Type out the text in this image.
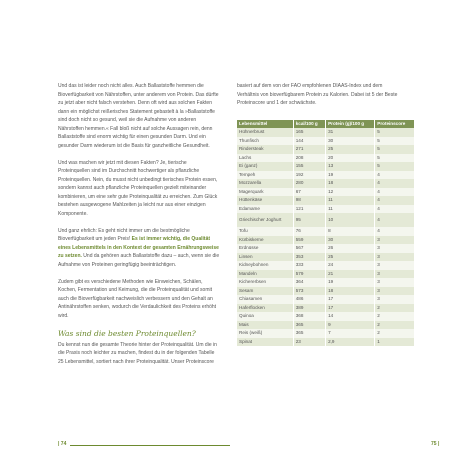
Und das ist leider noch nicht alles. Auch Ballaststoffe hemmen die Bioverfügbarkeit von Nährstoffen, unter anderem von Protein. Das dürfte zu jetzt aber nicht falsch verstehen. Denn oft wird aus solchen Fakten dann ein möglichst reißerisches Statement gebastelt à la »Ballaststoffe sind doch nicht so gesund, weil sie die Aufnahme von anderen Nährstoffen hemmen.« Fall bloß nicht auf solche Aussagen rein, denn Ballaststoffe sind enorm wichtig für einen gesunden Darm. Und ein gesunder Darm wiederum ist die Basis für ganzheitliche Gesundheit.

Und was machen wir jetzt mit diesen Fakten? Je, tierische Proteinquellen sind im Durchschnitt hochwertiger als pflanzliche Proteinquellen. Nein, du musst nicht unbedingt tierisches Protein essen, sondern kannst auch pflanzliche Proteinquellen gezielt miteinander kombinieren, um eine sehr gute Proteinqualität zu erreichen. Zum Glück bestehen ausgewogene Mahlzeiten ja leicht nur aus einer einzigen Komponente.

Und ganz ehrlich: Es geht nicht immer um die bestmögliche Bioverfügbarkeit um jeden Preis! Es ist immer wichtig, die Qualität eines Lebensmittels in den Kontext der gesamten Ernährungsweise zu setzen. Und da gehören auch Ballaststoffe dazu – auch, wenn sie die Aufnahme von Proteinen geringfügig beeinträchtigen.

Zudem gibt es verschiedene Methoden wie Einweichen, Schälen, Kochen, Fermentation und Keimung, die die Proteinqualität und somit auch die Bioverfügbarkeit nachweislich verbessern und den Gehalt an Antinährstoffen senken, wodurch die Verdaulichkeit des Proteins erhöht wird.

Was sind die besten Proteinquellen?

Du kennst nun die gesamte Theorie hinter der Proteinqualität. Um die in die Praxis noch leichter zu machen, findest du in der folgenden Tabelle 25 Lebensmittel, sortiert nach ihrer Proteinqualität. Unser Proteinscore

| 74

basiert auf dem von der FAO empfohlenen DIAAS-Index und dem Verhältnis von bioverfügbarem Protein zu Kalorien. Dabei ist 5 der Beste Proteinscore und 1 der schwächste.

Lebensmittel	kcal/100 g	Protein (g)/100 g	Proteinscore
Hühnerbrust	165	31	5
Thunfisch	144	30	5
Rindersteak	271	25	5
Lachs	208	20	5
Ei (ganz)	155	13	5
Tempeh	192	19	4
Mozzarella	280	18	4
Magerquark	67	12	4
Hüttenkäse	98	11	4
Edamame	121	11	4
Griechischer Joghurt	95	10	4
Tofu	76	8	4
Kürbiskerne	559	30	3
Erdnüsse	567	26	3
Linsen	353	25	3
Kidneybohnen	333	24	3
Mandeln	579	21	3
Kichererbsen	364	19	3
Sesam	573	18	3
Chiasamen	486	17	3
Haferflocken	389	17	2
Quinoa	368	14	2
Mais	365	9	2
Reis (weiß)	365	7	2
Spinat	23	2,9	1
75 |
